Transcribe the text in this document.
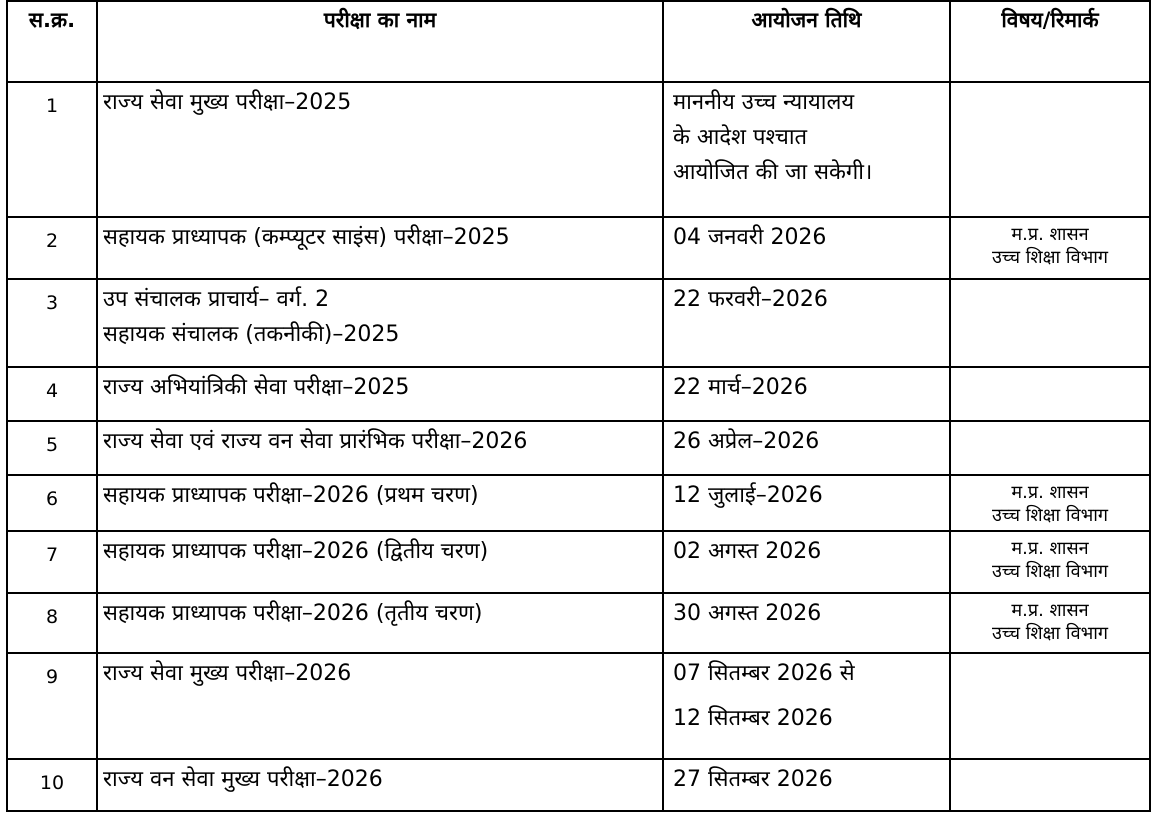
स.क्र.	परीक्षा का नाम	आयोजन तिथि	विषय/रिमार्क
1	राज्य सेवा मुख्य परीक्षा–2025	माननीय उच्च न्यायालय
के आदेश पश्चात
आयोजित की जा सकेगी।	

2	सहायक प्राध्यापक (कम्प्यूटर साइंस) परीक्षा–2025	04 जनवरी 2026	म.प्र. शासन
उच्च शिक्षा विभाग

3	उप संचालक प्राचार्य– वर्ग. 2
सहायक संचालक (तकनीकी)–2025	22 फरवरी–2026	

4	राज्य अभियांत्रिकी सेवा परीक्षा–2025	22 मार्च–2026	

5	राज्य सेवा एवं राज्य वन सेवा प्रारंभिक परीक्षा–2026	26 अप्रेल–2026	

6	सहायक प्राध्यापक परीक्षा–2026 (प्रथम चरण)	12 जुलाई–2026	म.प्र. शासन
उच्च शिक्षा विभाग

7	सहायक प्राध्यापक परीक्षा–2026 (द्वितीय चरण)	02 अगस्त 2026	म.प्र. शासन
उच्च शिक्षा विभाग

8	सहायक प्राध्यापक परीक्षा–2026 (तृतीय चरण)	30 अगस्त 2026	म.प्र. शासन
उच्च शिक्षा विभाग

9	राज्य सेवा मुख्य परीक्षा–2026	07 सितम्बर 2026 से
12 सितम्बर 2026	

10	राज्य वन सेवा मुख्य परीक्षा–2026	27 सितम्बर 2026	
